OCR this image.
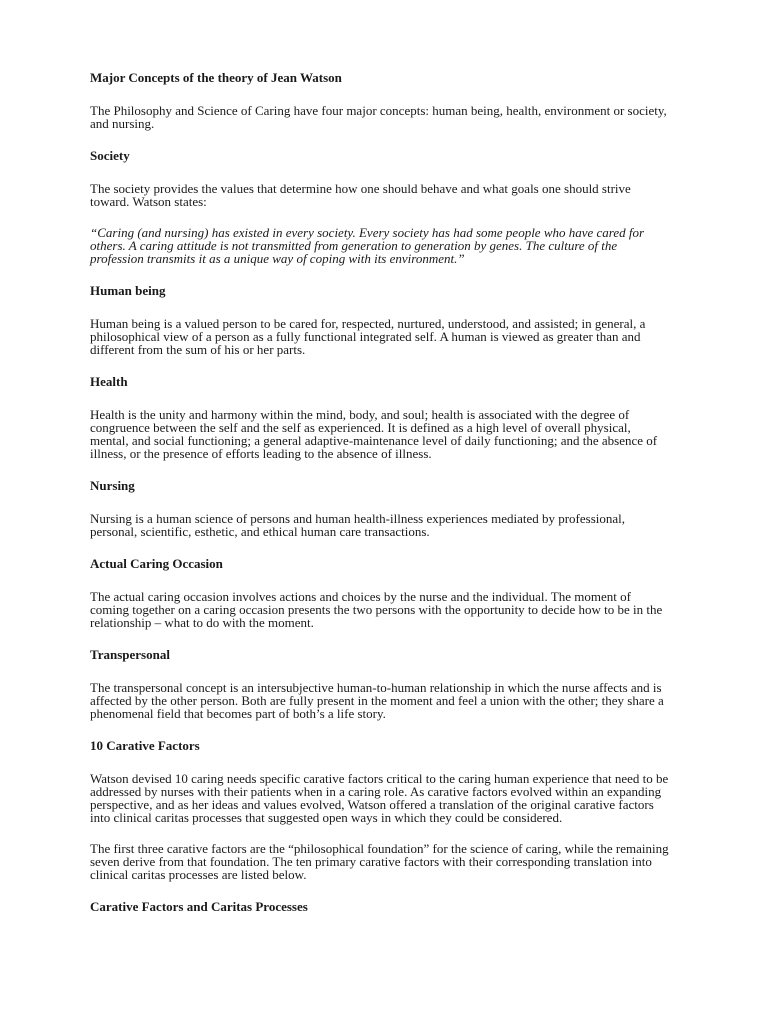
Major Concepts of the theory of Jean Watson
The Philosophy and Science of Caring have four major concepts: human being, health, environment or society, and nursing.
Society
The society provides the values that determine how one should behave and what goals one should strive toward. Watson states:
“Caring (and nursing) has existed in every society. Every society has had some people who have cared for others. A caring attitude is not transmitted from generation to generation by genes. The culture of the profession transmits it as a unique way of coping with its environment.”
Human being
Human being is a valued person to be cared for, respected, nurtured, understood, and assisted; in general, a philosophical view of a person as a fully functional integrated self. A human is viewed as greater than and different from the sum of his or her parts.
Health
Health is the unity and harmony within the mind, body, and soul; health is associated with the degree of congruence between the self and the self as experienced. It is defined as a high level of overall physical, mental, and social functioning; a general adaptive-maintenance level of daily functioning; and the absence of illness, or the presence of efforts leading to the absence of illness.
Nursing
Nursing is a human science of persons and human health-illness experiences mediated by professional, personal, scientific, esthetic, and ethical human care transactions.
Actual Caring Occasion
The actual caring occasion involves actions and choices by the nurse and the individual. The moment of coming together on a caring occasion presents the two persons with the opportunity to decide how to be in the relationship – what to do with the moment.
Transpersonal
The transpersonal concept is an intersubjective human-to-human relationship in which the nurse affects and is affected by the other person. Both are fully present in the moment and feel a union with the other; they share a phenomenal field that becomes part of both’s a life story.
10 Carative Factors
Watson devised 10 caring needs specific carative factors critical to the caring human experience that need to be addressed by nurses with their patients when in a caring role. As carative factors evolved within an expanding perspective, and as her ideas and values evolved, Watson offered a translation of the original carative factors into clinical caritas processes that suggested open ways in which they could be considered.
The first three carative factors are the “philosophical foundation” for the science of caring, while the remaining seven derive from that foundation. The ten primary carative factors with their corresponding translation into clinical caritas processes are listed below.
Carative Factors and Caritas Processes
